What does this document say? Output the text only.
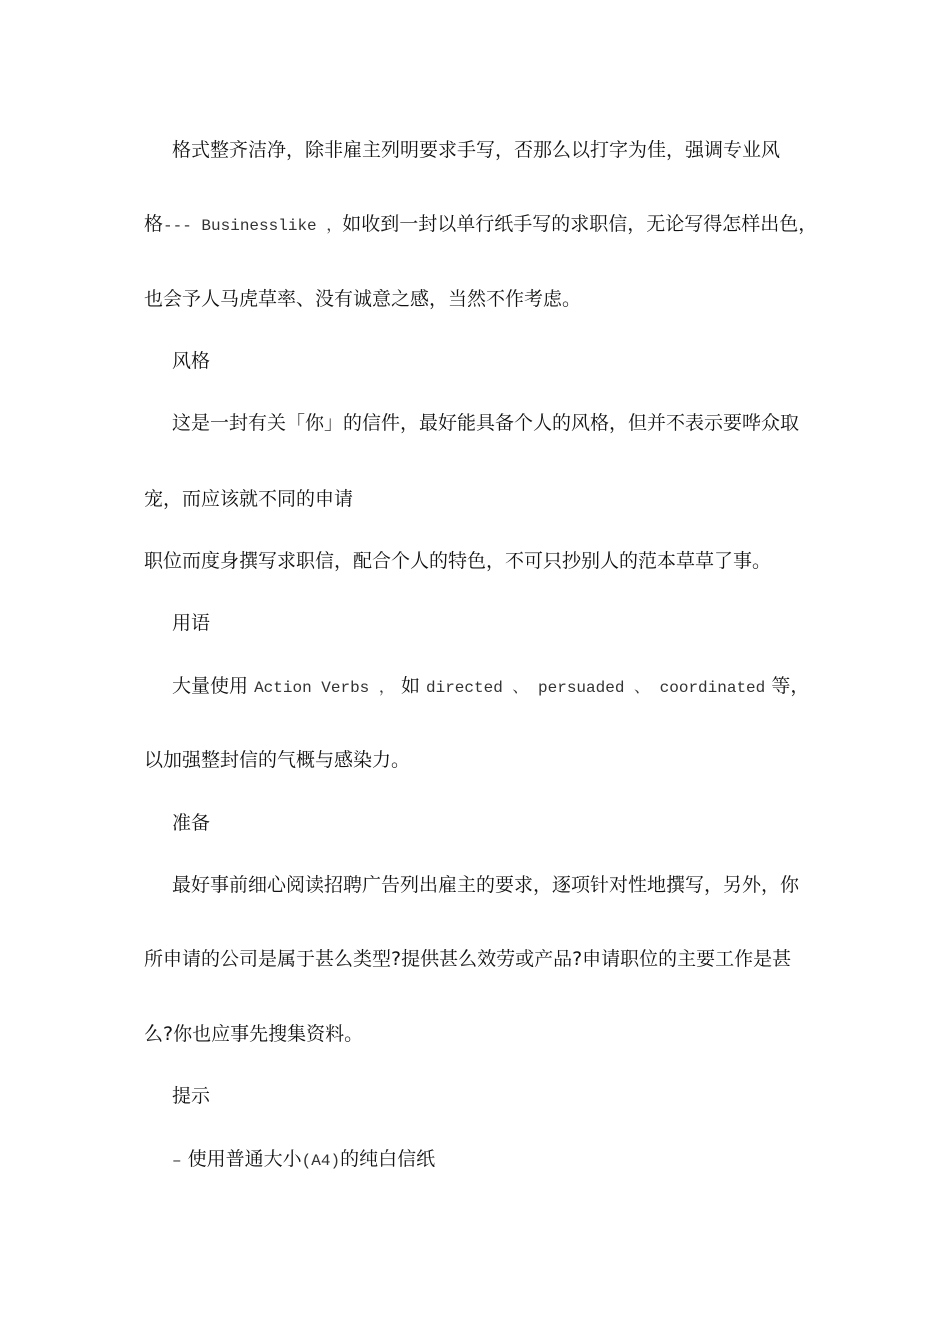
格式整齐洁净，除非雇主列明要求手写，否那么以打字为佳，强调专业风
格--- Businesslike ，如收到一封以单行纸手写的求职信，无论写得怎样出色，
也会予人马虎草率、没有诚意之感，当然不作考虑。
风格
这是一封有关「你」的信件，最好能具备个人的风格，但并不表示要哗众取
宠，而应该就不同的申请
职位而度身撰写求职信，配合个人的特色，不可只抄别人的范本草草了事。
用语
大量使用 Action Verbs ， 如 directed 、 persuaded 、 coordinated 等，
以加强整封信的气概与感染力。
准备
最好事前细心阅读招聘广告列出雇主的要求，逐项针对性地撰写，另外，你
所申请的公司是属于甚么类型?提供甚么效劳或产品?申请职位的主要工作是甚
么?你也应事先搜集资料。
提示
– 使用普通大小(A4)的纯白信纸
